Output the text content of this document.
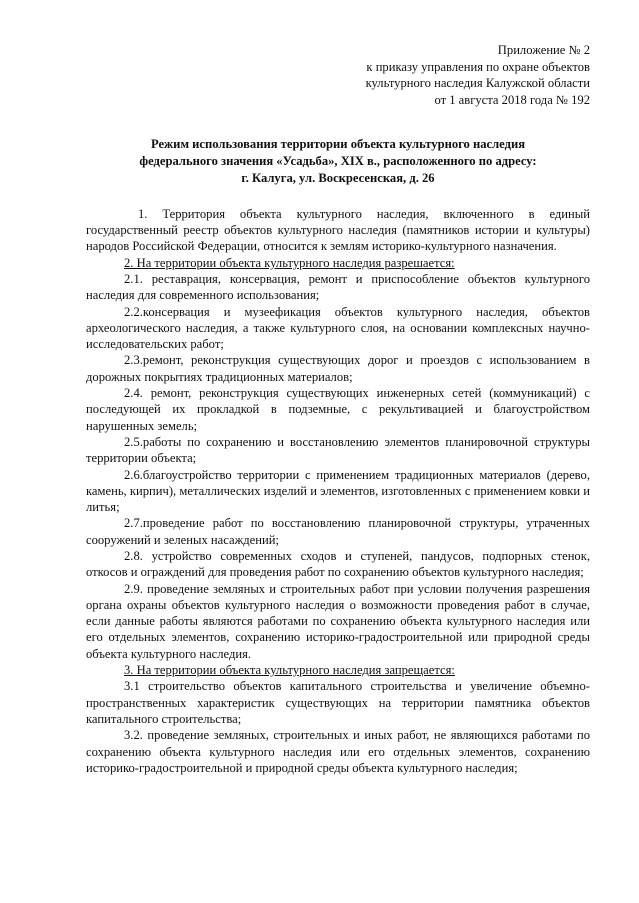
Приложение № 2
к приказу управления по охране объектов
культурного наследия Калужской области
от 1 августа 2018 года № 192
Режим использования территории объекта культурного наследия
федерального значения «Усадьба», XIX в., расположенного по адресу:
г. Калуга, ул. Воскресенская, д. 26

1. Территория объекта культурного наследия, включенного в единый государственный реестр объектов культурного наследия (памятников истории и культуры) народов Российской Федерации, относится к землям историко-культурного назначения.

2. На территории объекта культурного наследия разрешается:

2.1. реставрация, консервация, ремонт и приспособление объектов культурного наследия для современного использования;

2.2.консервация и музеефикация объектов культурного наследия, объектов археологического наследия, а также культурного слоя, на основании комплексных научно-исследовательских работ;

2.3.ремонт, реконструкция существующих дорог и проездов с использованием в дорожных покрытиях традиционных материалов;

2.4. ремонт, реконструкция существующих инженерных сетей (коммуникаций) с последующей их прокладкой в подземные, с рекультивацией и благоустройством нарушенных земель;

2.5.работы по сохранению и восстановлению элементов планировочной структуры территории объекта;

2.6.благоустройство территории с применением традиционных материалов (дерево, камень, кирпич), металлических изделий и элементов, изготовленных с применением ковки и литья;

2.7.проведение работ по восстановлению планировочной структуры, утраченных сооружений и зеленых насаждений;

2.8. устройство современных сходов и ступеней, пандусов, подпорных стенок, откосов и ограждений для проведения работ по сохранению объектов культурного наследия;

2.9. проведение земляных и строительных работ при условии получения разрешения органа охраны объектов культурного наследия о возможности проведения работ в случае, если данные работы являются работами по сохранению объекта культурного наследия или его отдельных элементов, сохранению историко-градостроительной или природной среды объекта культурного наследия.

3. На территории объекта культурного наследия запрещается:

3.1 строительство объектов капитального строительства и увеличение объемно-пространственных характеристик существующих на территории памятника объектов капитального строительства;

3.2. проведение земляных, строительных и иных работ, не являющихся работами по сохранению объекта культурного наследия или его отдельных элементов, сохранению историко-градостроительной и природной среды объекта культурного наследия;
